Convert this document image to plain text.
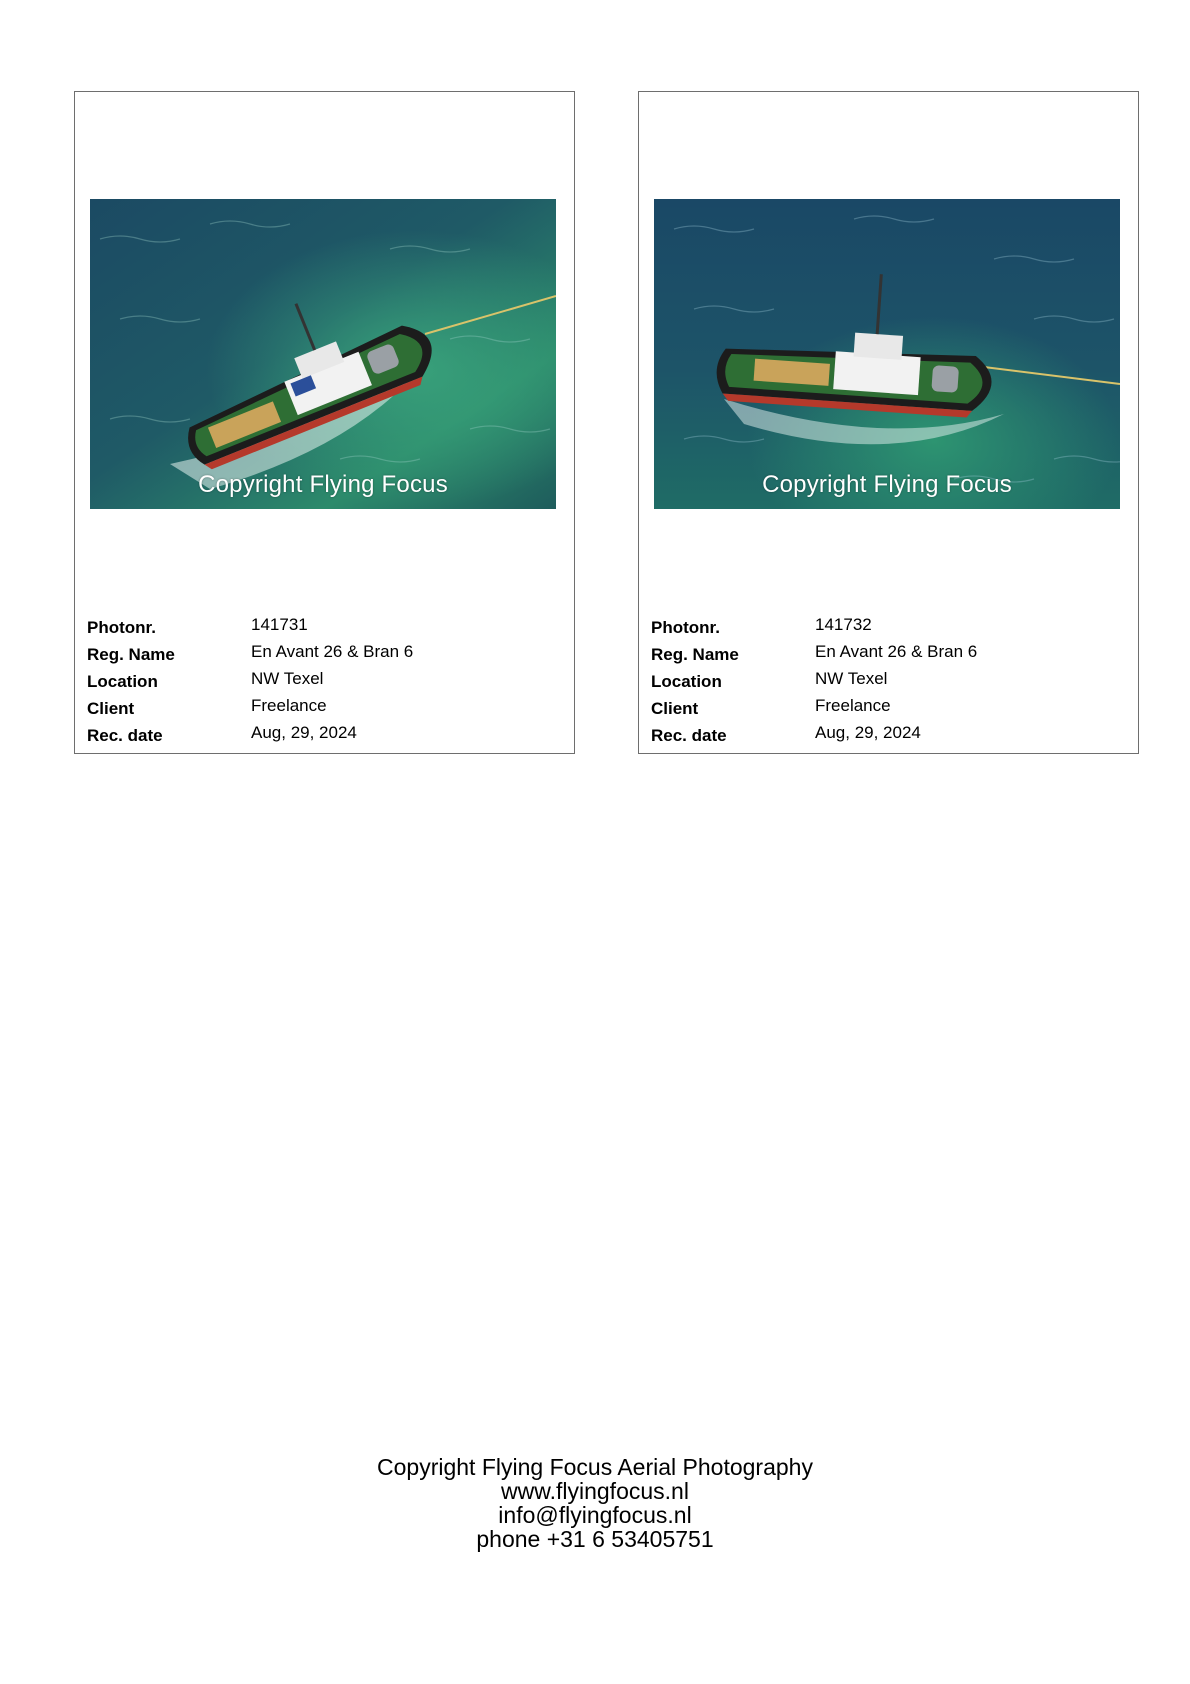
Copyright Flying Focus
Photonr.	141731
Reg. Name	En Avant 26 & Bran 6
Location	NW Texel
Client	Freelance
Rec. date	Aug, 29, 2024
Copyright Flying Focus
Photonr.	141732
Reg. Name	En Avant 26 & Bran 6
Location	NW Texel
Client	Freelance
Rec. date	Aug, 29, 2024
Copyright Flying Focus Aerial Photography
www.flyingfocus.nl
info@flyingfocus.nl
phone +31 6 53405751
